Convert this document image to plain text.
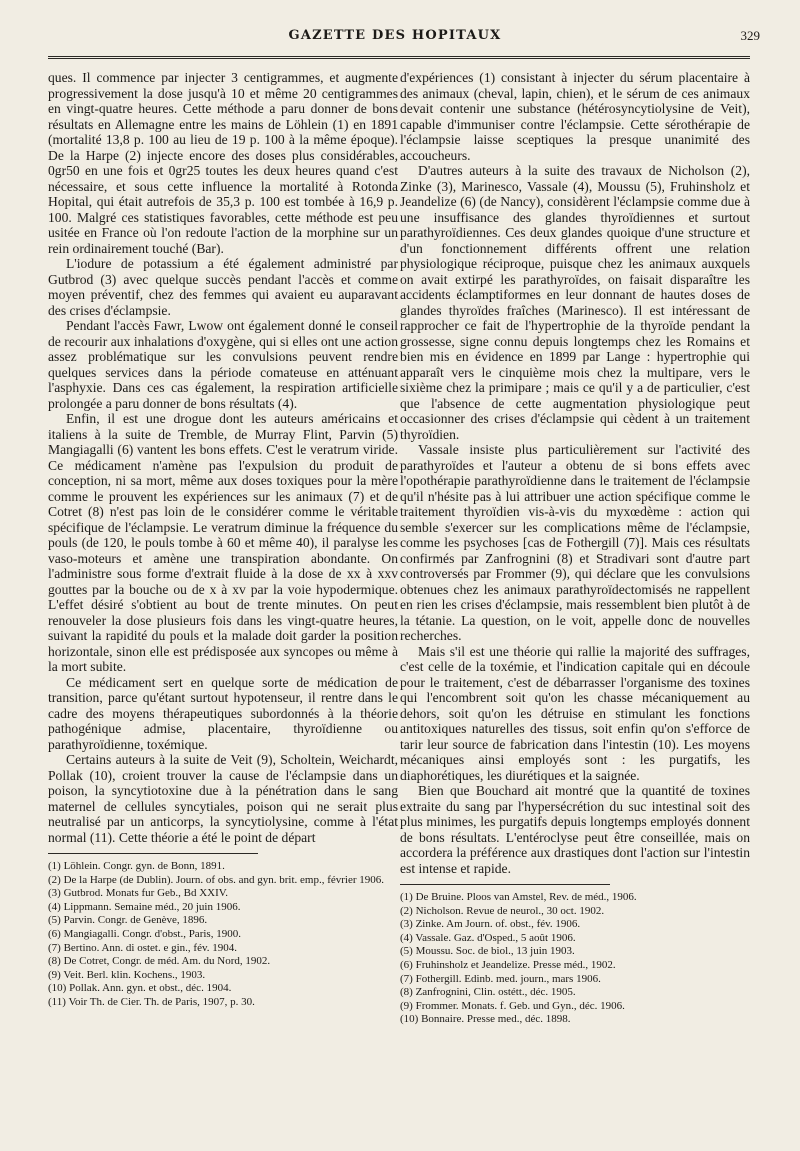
GAZETTE DES HOPITAUX	329

ques. Il commence par injecter 3 centigrammes, et augmente progressivement la dose jusqu'à 10 et même 20 centigrammes en vingt-quatre heures. Cette méthode a paru donner de bons résultats en Allemagne entre les mains de Löhlein (1) en 1891 (mortalité 13,8 p. 100 au lieu de 19 p. 100 à la même époque). De la Harpe (2) injecte encore des doses plus considérables, 0gr50 en une fois et 0gr25 toutes les deux heures quand c'est nécessaire, et sous cette influence la mortalité à Rotonda Hopital, qui était autrefois de 35,3 p. 100 est tombée à 16,9 p. 100. Malgré ces statistiques favorables, cette méthode est peu usitée en France où l'on redoute l'action de la morphine sur un rein ordinairement touché (Bar).

L'iodure de potassium a été également administré par Gutbrod (3) avec quelque succès pendant l'accès et comme moyen préventif, chez des femmes qui avaient eu auparavant des crises d'éclampsie.

Pendant l'accès Fawr, Lwow ont également donné le conseil de recourir aux inhalations d'oxygène, qui si elles ont une action assez problématique sur les convulsions peuvent rendre quelques services dans la période comateuse en atténuant l'asphyxie. Dans ces cas également, la respiration artificielle prolongée a paru donner de bons résultats (4).

Enfin, il est une drogue dont les auteurs américains et italiens à la suite de Tremble, de Murray Flint, Parvin (5) Mangiagalli (6) vantent les bons effets. C'est le veratrum viride. Ce médicament n'amène pas l'expulsion du produit de conception, ni sa mort, même aux doses toxiques pour la mère comme le prouvent les expériences sur les animaux (7) et de Cotret (8) n'est pas loin de le considérer comme le véritable spécifique de l'éclampsie. Le veratrum diminue la fréquence du pouls (de 120, le pouls tombe à 60 et même 40), il paralyse les vaso-moteurs et amène une transpiration abondante. On l'administre sous forme d'extrait fluide à la dose de xx à xxv gouttes par la bouche ou de x à xv par la voie hypodermique. L'effet désiré s'obtient au bout de trente minutes. On peut renouveler la dose plusieurs fois dans les vingt-quatre heures, suivant la rapidité du pouls et la malade doit garder la position horizontale, sinon elle est prédisposée aux syncopes ou même à la mort subite.

Ce médicament sert en quelque sorte de médication de transition, parce qu'étant surtout hypotenseur, il rentre dans le cadre des moyens thérapeutiques subordonnés à la théorie pathogénique admise, placentaire, thyroïdienne ou parathyroïdienne, toxémique.

Certains auteurs à la suite de Veit (9), Scholtein, Weichardt, Pollak (10), croient trouver la cause de l'éclampsie dans un poison, la syncytiotoxine due à la pénétration dans le sang maternel de cellules syncytiales, poison qui ne serait plus neutralisé par un anticorps, la syncytiolysine, comme à l'état normal (11). Cette théorie a été le point de départ

(1) Löhlein. Congr. gyn. de Bonn, 1891.
(2) De la Harpe (de Dublin). Journ. of obs. and gyn. brit. emp., février 1906.
(3) Gutbrod. Monats fur Geb., Bd XXIV.
(4) Lippmann. Semaine méd., 20 juin 1906.
(5) Parvin. Congr. de Genève, 1896.
(6) Mangiagalli. Congr. d'obst., Paris, 1900.
(7) Bertino. Ann. di ostet. e gin., fév. 1904.
(8) De Cotret, Congr. de méd. Am. du Nord, 1902.
(9) Veit. Berl. klin. Kochens., 1903.
(10) Pollak. Ann. gyn. et obst., déc. 1904.
(11) Voir Th. de Cier. Th. de Paris, 1907, p. 30.

d'expériences (1) consistant à injecter du sérum placentaire à des animaux (cheval, lapin, chien), et le sérum de ces animaux devait contenir une substance (hétérosyncytiolysine de Veit), capable d'immuniser contre l'éclampsie. Cette sérothérapie de l'éclampsie laisse sceptiques la presque unanimité des accoucheurs.

D'autres auteurs à la suite des travaux de Nicholson (2), Zinke (3), Marinesco, Vassale (4), Moussu (5), Fruhinsholz et Jeandelize (6) (de Nancy), considèrent l'éclampsie comme due à une insuffisance des glandes thyroïdiennes et surtout parathyroïdiennes. Ces deux glandes quoique d'une structure et d'un fonctionnement différents offrent une relation physiologique réciproque, puisque chez les animaux auxquels on avait extirpé les parathyroïdes, on faisait disparaître les accidents éclamptiformes en leur donnant de hautes doses de glandes thyroïdes fraîches (Marinesco). Il est intéressant de rapprocher ce fait de l'hypertrophie de la thyroïde pendant la grossesse, signe connu depuis longtemps chez les Romains et bien mis en évidence en 1899 par Lange : hypertrophie qui apparaît vers le cinquième mois chez la multipare, vers le sixième chez la primipare ; mais ce qu'il y a de particulier, c'est que l'absence de cette augmentation physiologique peut occasionner des crises d'éclampsie qui cèdent à un traitement thyroïdien.

Vassale insiste plus particulièrement sur l'activité des parathyroïdes et l'auteur a obtenu de si bons effets avec l'opothérapie parathyroïdienne dans le traitement de l'éclampsie qu'il n'hésite pas à lui attribuer une action spécifique comme le traitement thyroïdien vis-à-vis du myxœdème : action qui semble s'exercer sur les complications même de l'éclampsie, comme les psychoses [cas de Fothergill (7)]. Mais ces résultats confirmés par Zanfrognini (8) et Stradivari sont d'autre part controversés par Frommer (9), qui déclare que les convulsions obtenues chez les animaux parathyroïdectomisés ne rappellent en rien les crises d'éclampsie, mais ressemblent bien plutôt à de la tétanie. La question, on le voit, appelle donc de nouvelles recherches.

Mais s'il est une théorie qui rallie la majorité des suffrages, c'est celle de la toxémie, et l'indication capitale qui en découle pour le traitement, c'est de débarrasser l'organisme des toxines qui l'encombrent soit qu'on les chasse mécaniquement au dehors, soit qu'on les détruise en stimulant les fonctions antitoxiques naturelles des tissus, soit enfin qu'on s'efforce de tarir leur source de fabrication dans l'intestin (10). Les moyens mécaniques ainsi employés sont : les purgatifs, les diaphorétiques, les diurétiques et la saignée.

Bien que Bouchard ait montré que la quantité de toxines extraite du sang par l'hypersécrétion du suc intestinal soit des plus minimes, les purgatifs depuis longtemps employés donnent de bons résultats. L'entéroclyse peut être conseillée, mais on accordera la préférence aux drastiques dont l'action sur l'intestin est intense et rapide.

(1) De Bruine. Ploos van Amstel, Rev. de méd., 1906.
(2) Nicholson. Revue de neurol., 30 oct. 1902.
(3) Zinke. Am Journ. of. obst., fév. 1906.
(4) Vassale. Gaz. d'Osped., 5 août 1906.
(5) Moussu. Soc. de biol., 13 juin 1903.
(6) Fruhinsholz et Jeandelize. Presse méd., 1902.
(7) Fothergill. Edinb. med. journ., mars 1906.
(8) Zanfrognini, Clin. ostétt., déc. 1905.
(9) Frommer. Monats. f. Geb. und Gyn., déc. 1906.
(10) Bonnaire. Presse med., déc. 1898.
